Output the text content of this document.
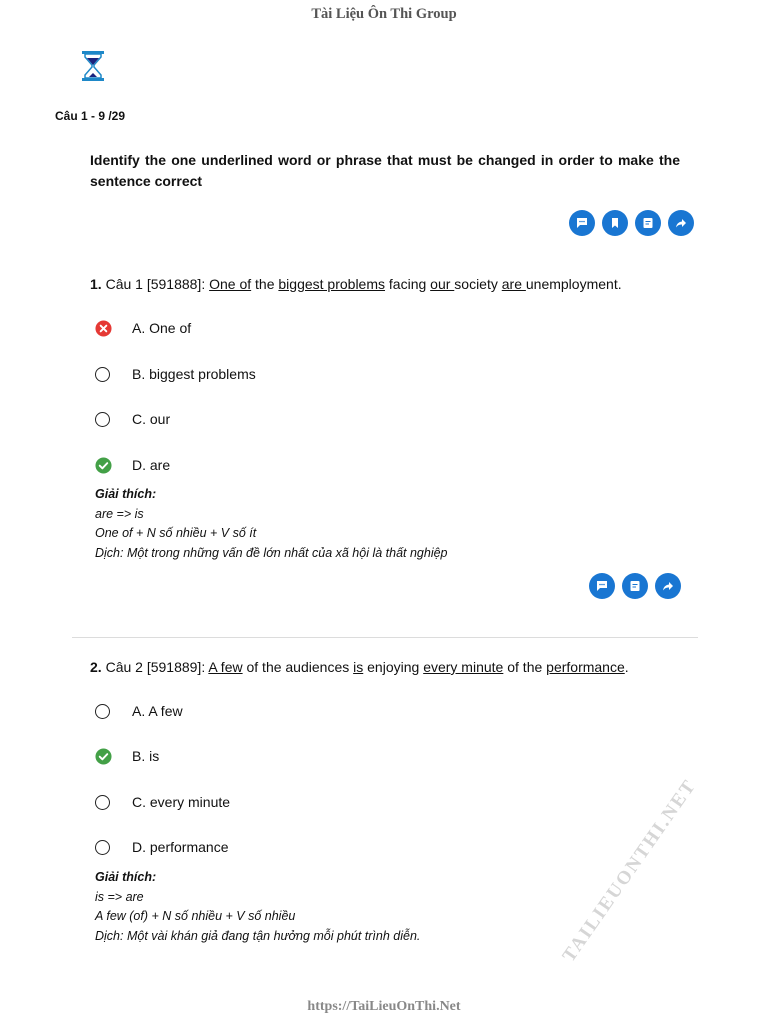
Tài Liệu Ôn Thi Group
Câu 1 - 9 /29
Identify the one underlined word or phrase that must be changed in order to make the sentence correct
1. Câu 1 [591888]: One of the biggest problems facing our society are unemployment.
A. One of
B. biggest problems
C. our
D. are
Giải thích:
are => is
One of + N số nhiều + V số ít
Dịch: Một trong những vấn đề lớn nhất của xã hội là thất nghiệp
2. Câu 2 [591889]: A few of the audiences is enjoying every minute of the performance.
A. A few
B. is
C. every minute
D. performance
Giải thích:
is => are
A few (of) + N số nhiều + V số nhiều
Dịch: Một vài khán giả đang tận hưởng mỗi phút trình diễn.	TAILIEUONTHI.NET
https://TaiLieuOnThi.Net
